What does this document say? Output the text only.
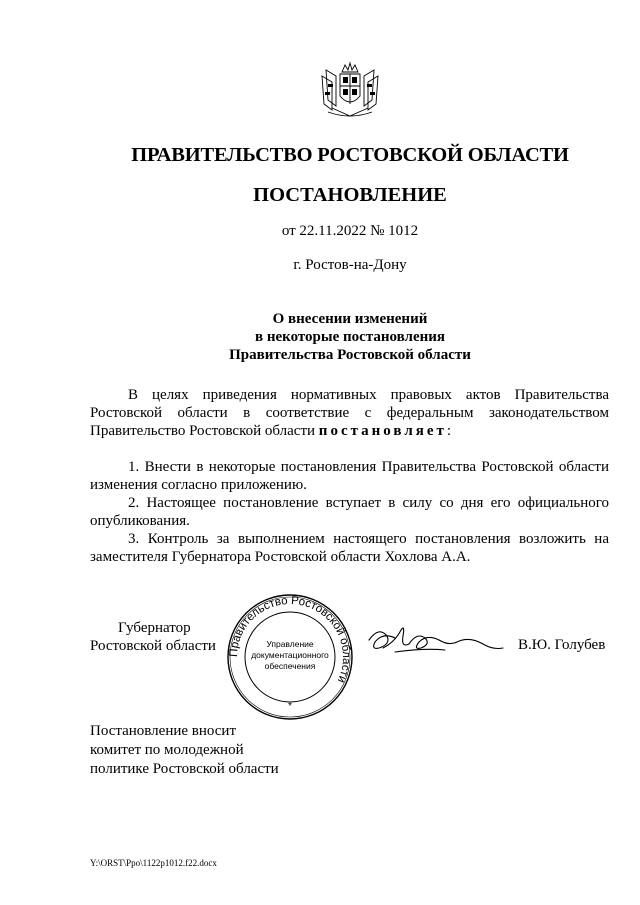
ПРАВИТЕЛЬСТВО РОСТОВСКОЙ ОБЛАСТИ
ПОСТАНОВЛЕНИЕ
от 22.11.2022 № 1012
г. Ростов-на-Дону
О внесении изменений
в некоторые постановления
Правительства Ростовской области

В целях приведения нормативных правовых актов Правительства Ростовской области в соответствие с федеральным законодательством Правительство Ростовской области постановляет:

1. Внести в некоторые постановления Правительства Ростовской области изменения согласно приложению.

2. Настоящее постановление вступает в силу со дня его официального опубликования.

3. Контроль за выполнением настоящего постановления возложить на заместителя Губернатора Ростовской области Хохлова А.А.

Губернатор
Ростовской области Правительство Ростовской области
Управление
документационного
обеспечения
*
В.Ю. Голубев
Постановление вносит
комитет по молодежной
политике Ростовской области
Y:\ORST\Ppo\1122p1012.f22.docx
